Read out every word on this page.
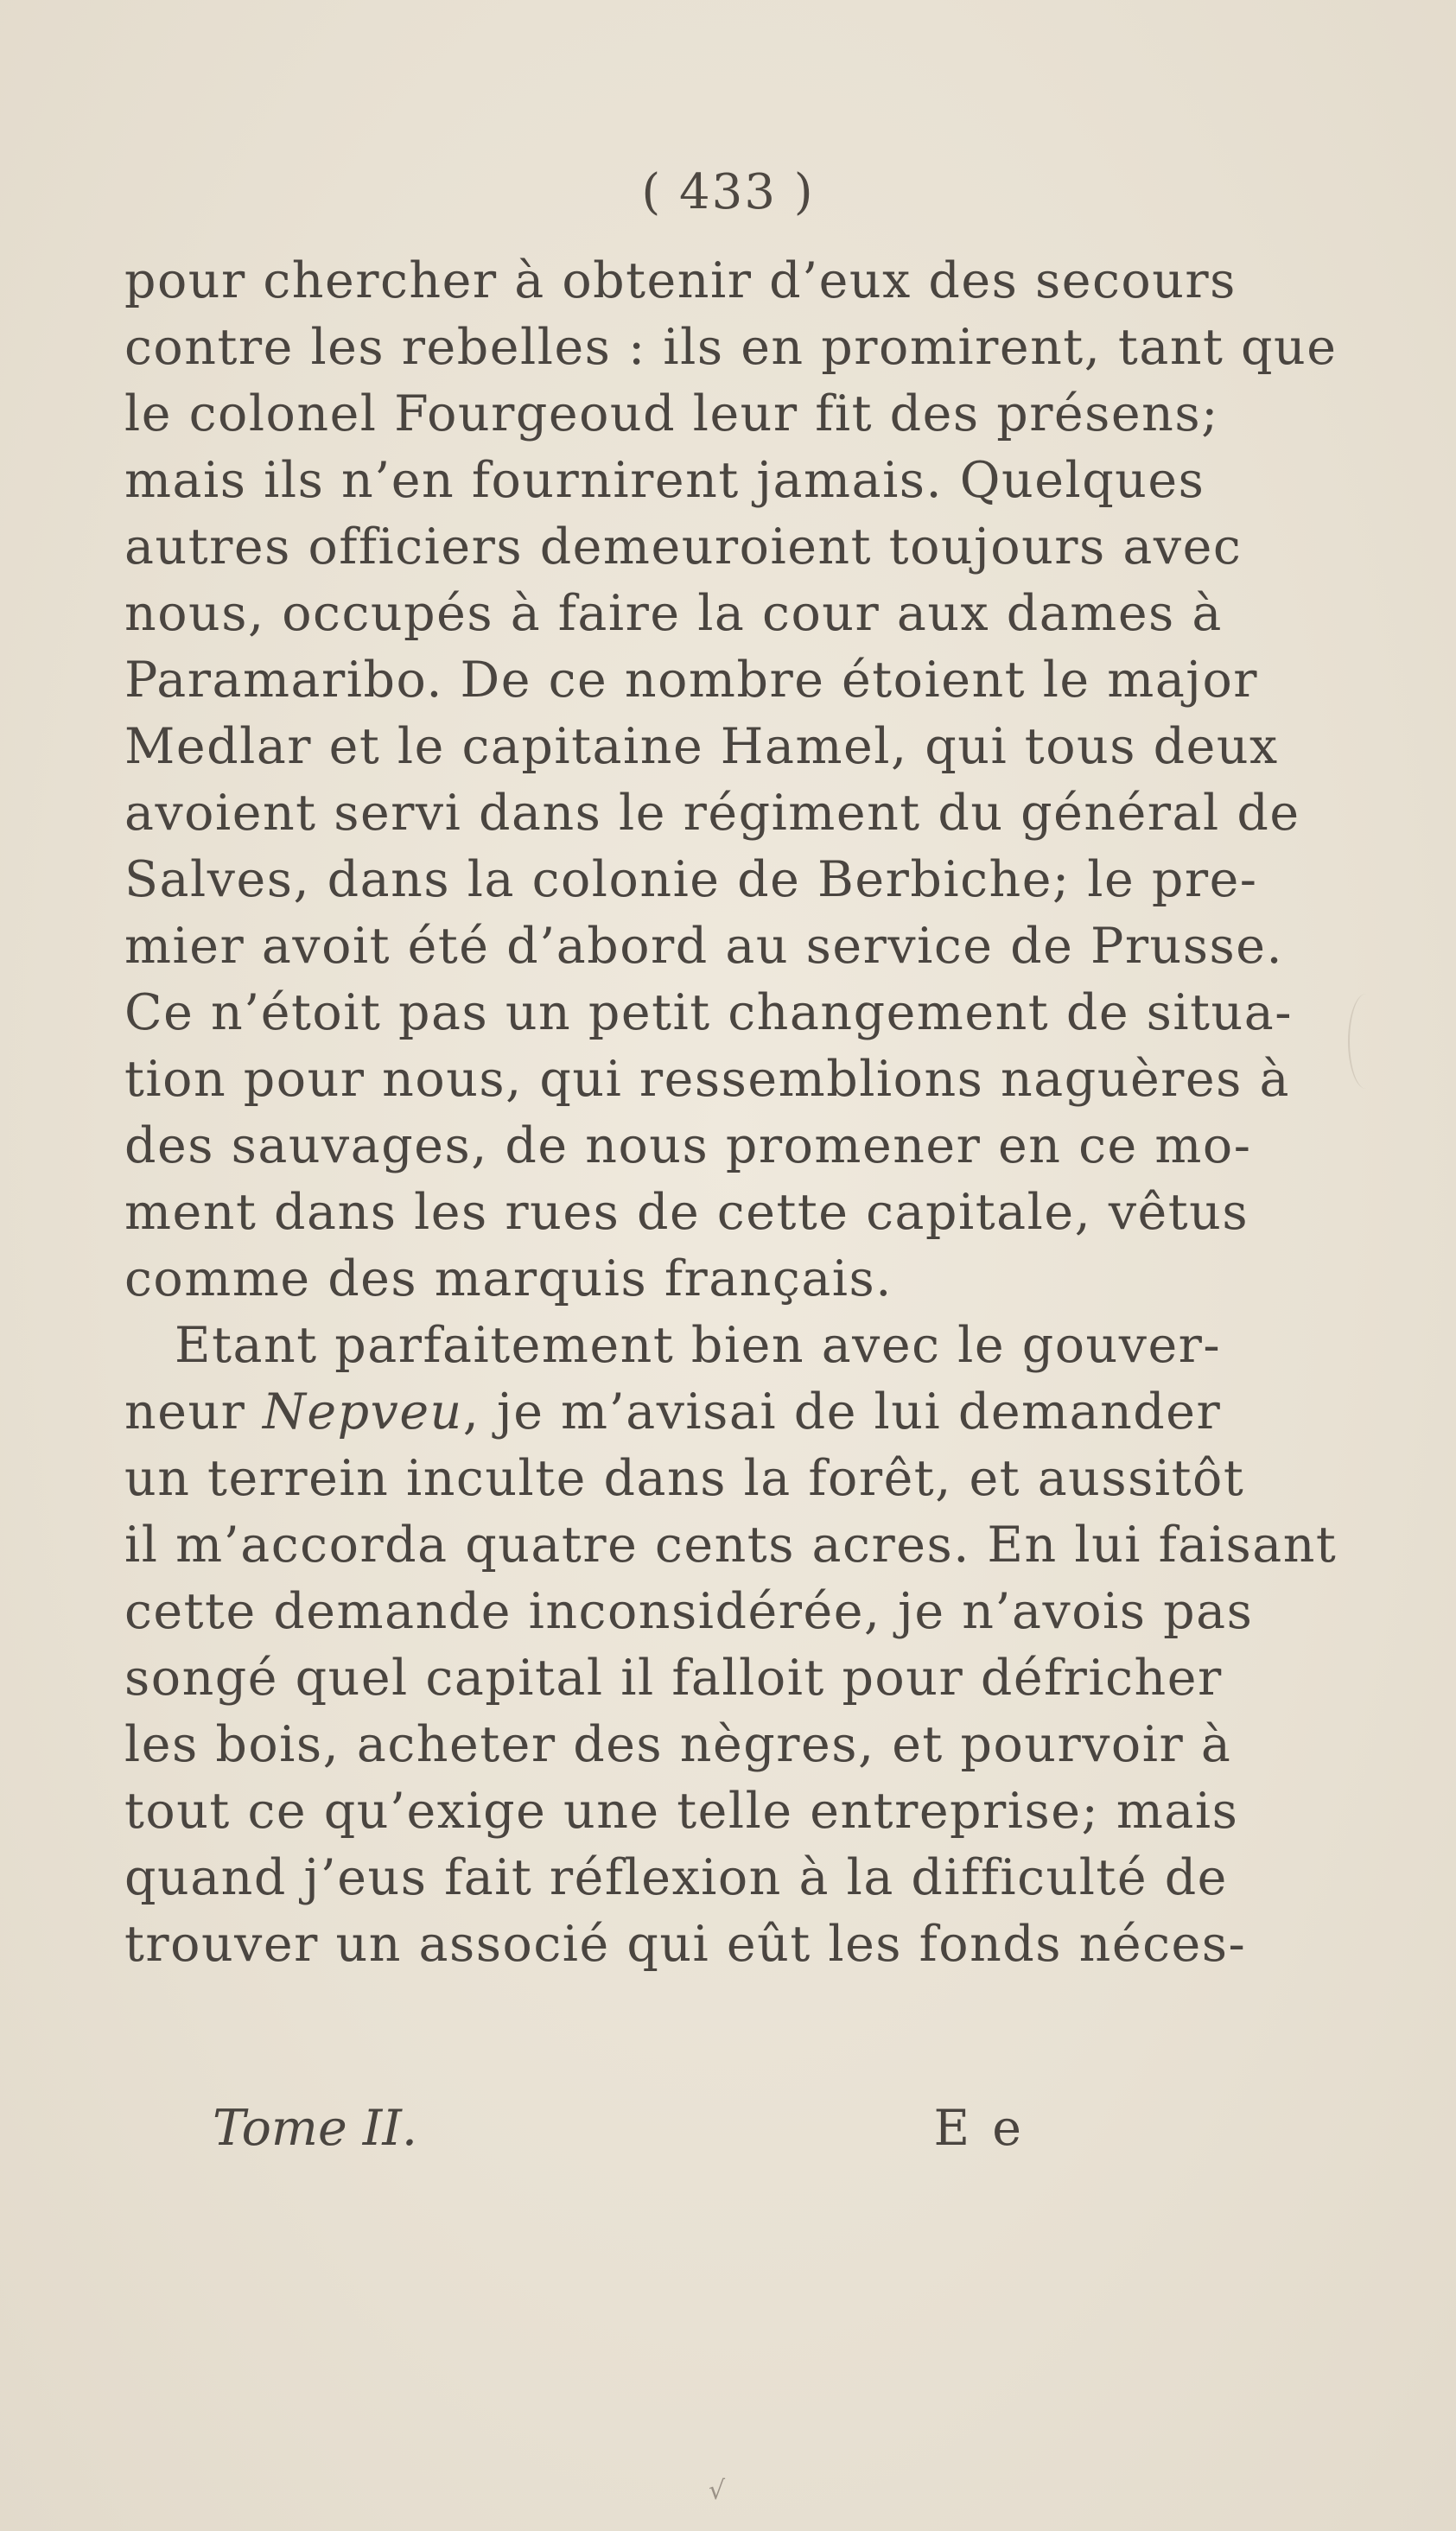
( 433 )
pour chercher à obtenir d’eux des secours
contre les rebelles : ils en promirent, tant que
le colonel Fourgeoud leur fit des présens;
mais ils n’en fournirent jamais. Quelques
autres officiers demeuroient toujours avec
nous, occupés à faire la cour aux dames à
Paramaribo. De ce nombre étoient le major
Medlar et le capitaine Hamel, qui tous deux
avoient servi dans le régiment du général de
Salves, dans la colonie de Berbiche; le pre-
mier avoit été d’abord au service de Prusse.
Ce n’étoit pas un petit changement de situa-
tion pour nous, qui ressemblions naguères à
des sauvages, de nous promener en ce mo-
ment dans les rues de cette capitale, vêtus
comme des marquis français.
Etant parfaitement bien avec le gouver-
neur Nepveu, je m’avisai de lui demander
un terrein inculte dans la forêt, et aussitôt
il m’accorda quatre cents acres. En lui faisant
cette demande inconsidérée, je n’avois pas
songé quel capital il falloit pour défricher
les bois, acheter des nègres, et pourvoir à
tout ce qu’exige une telle entreprise; mais
quand j’eus fait réflexion à la difficulté de
trouver un associé qui eût les fonds néces-
Tome II.	E e
√
